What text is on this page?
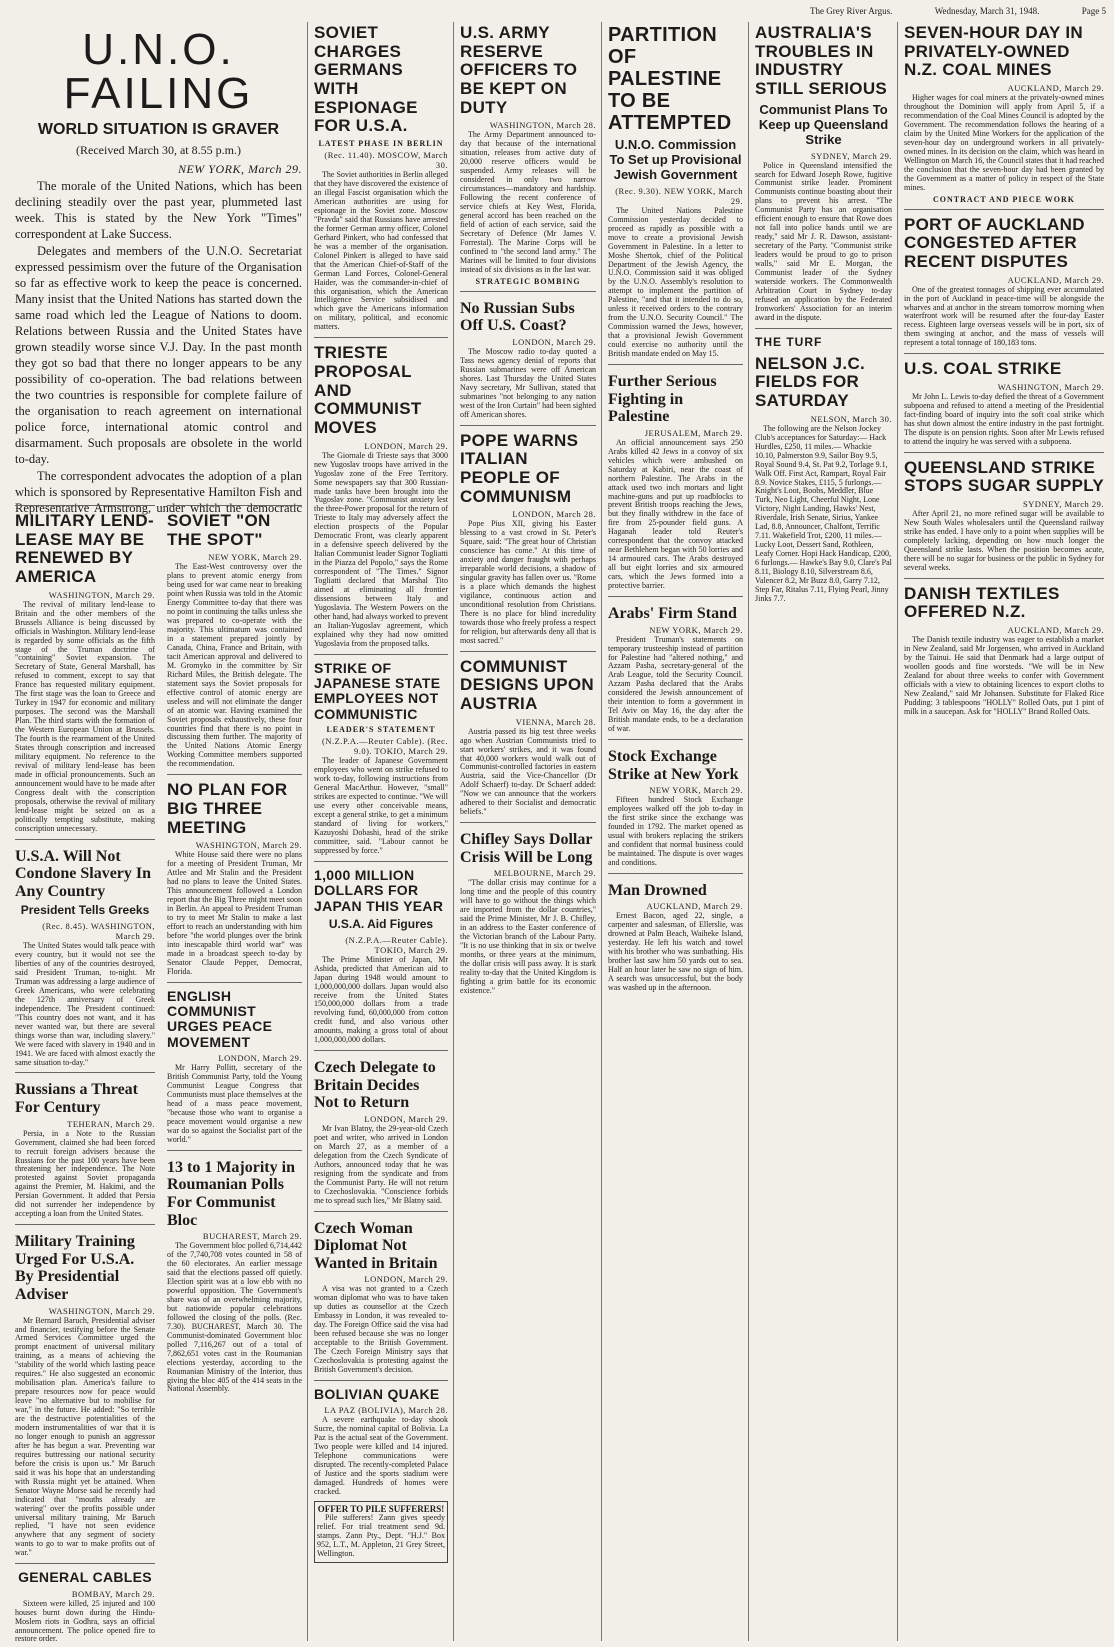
The Grey River Argus.	Wednesday, March 31, 1948.	Page 5
U.N.O. FAILING
WORLD SITUATION IS GRAVER
(Received March 30, at 8.55 p.m.)
NEW YORK, March 29.

The morale of the United Nations, which has been declining steadily over the past year, plummeted last week. This is stated by the New York "Times" correspondent at Lake Success.

Delegates and members of the U.N.O. Secretariat expressed pessimism over the future of the Organisation so far as effective work to keep the peace is concerned. Many insist that the United Nations has started down the same road which led the League of Nations to doom. Relations between Russia and the United States have grown steadily worse since V.J. Day. In the past month they got so bad that there no longer appears to be any possibility of co-operation. The bad relations between the two countries is responsible for complete failure of the organisation to reach agreement on international police force, international atomic control and disarmament. Such proposals are obsolete in the world to-day.

The correspondent advocates the adoption of a plan which is sponsored by Representative Hamilton Fish and Representative Armstrong, under which the democratic

MILITARY LEND-LEASE MAY BE RENEWED BY AMERICA
WASHINGTON, March 29.

The revival of military lend-lease to Britain and the other members of the Brussels Alliance is being discussed by officials in Washington. Military lend-lease is regarded by some officials as the fifth stage of the Truman doctrine of "containing" Soviet expansion. The Secretary of State, General Marshall, has refused to comment, except to say that France has requested military equipment. The first stage was the loan to Greece and Turkey in 1947 for economic and military purposes. The second was the Marshall Plan. The third starts with the formation of the Western European Union at Brussels. The fourth is the rearmament of the United States through conscription and increased military equipment. No reference to the revival of military lend-lease has been made in official pronouncements. Such an announcement would have to be made after Congress dealt with the conscription proposals, otherwise the revival of military lend-lease might be seized on as a politically tempting substitute, making conscription unnecessary.

U.S.A. Will Not Condone Slavery In Any Country
President Tells Greeks
(Rec. 8.45). WASHINGTON, March 29.

The United States would talk peace with every country, but it would not see the liberties of any of the countries destroyed, said President Truman, to-night. Mr Truman was addressing a large audience of Greek Americans, who were celebrating the 127th anniversary of Greek independence. The President continued: "This country does not want, and it has never wanted war, but there are several things worse than war, including slavery." We were faced with slavery in 1940 and in 1941. We are faced with almost exactly the same situation to-day."

Russians a Threat For Century
TEHERAN, March 29.

Persia, in a Note to the Russian Government, claimed she had been forced to recruit foreign advisers because the Russians for the past 100 years have been threatening her independence. The Note protested against Soviet propaganda against the Premier, M. Hakimi, and the Persian Government. It added that Persia did not surrender her independence by accepting a loan from the United States.

Military Training Urged For U.S.A. By Presidential Adviser
WASHINGTON, March 29.

Mr Bernard Baruch, Presidential adviser and financier, testifying before the Senate Armed Services Committee urged the prompt enactment of universal military training, as a means of achieving the "stability of the world which lasting peace requires." He also suggested an economic mobilisation plan. America's failure to prepare resources now for peace would leave "no alternative but to mobilise for war," in the future. He added: "So terrible are the destructive potentialities of the modern instrumentalities of war that it is no longer enough to punish an aggressor after he has begun a war. Preventing war requires buttressing our national security before the crisis is upon us." Mr Baruch said it was his hope that an understanding with Russia might yet be attained. When Senator Wayne Morse said he recently had indicated that "mouths already are watering" over the profits possible under universal military training, Mr Baruch replied, "I have not seen evidence anywhere that any segment of society wants to go to war to make profits out of war."

GENERAL CABLES
BOMBAY, March 29.

Sixteen were killed, 25 injured and 100 houses burnt down during the Hindu-Moslem riots in Godhra, says an official announcement. The police opened fire to restore order.

SOVIET "ON THE SPOT"
NEW YORK, March 29.

The East-West controversy over the plans to prevent atomic energy from being used for war came near to breaking point when Russia was told in the Atomic Energy Committee to-day that there was no point in continuing the talks unless she was prepared to co-operate with the majority. This ultimatum was contained in a statement prepared jointly by Canada, China, France and Britain, with tacit American approval and delivered to M. Gromyko in the committee by Sir Richard Miles, the British delegate. The statement says the Soviet proposals for effective control of atomic energy are useless and will not eliminate the danger of an atomic war. Having examined the Soviet proposals exhaustively, these four countries find that there is no point in discussing them further. The majority of the United Nations Atomic Energy Working Committee members supported the recommendation.

NO PLAN FOR BIG THREE MEETING
WASHINGTON, March 29.

White House said there were no plans for a meeting of President Truman, Mr Attlee and Mr Stalin and the President had no plans to leave the United States. This announcement followed a London report that the Big Three might meet soon in Berlin. An appeal to President Truman to try to meet Mr Stalin to make a last effort to reach an understanding with him before "the world plunges over the brink into inescapable third world war" was made in a broadcast speech to-day by Senator Claude Pepper, Democrat, Florida.

ENGLISH COMMUNIST URGES PEACE MOVEMENT
LONDON, March 29.

Mr Harry Pollitt, secretary of the British Communist Party, told the Young Communist League Congress that Communists must place themselves at the head of a mass peace movement, "because those who want to organise a peace movement would organise a new war do so against the Socialist part of the world."

13 to 1 Majority in Roumanian Polls For Communist Bloc
BUCHAREST, March 29.

The Government bloc polled 6,714,442 of the 7,740,708 votes counted in 58 of the 60 electorates. An earlier message said that the elections passed off quietly. Election spirit was at a low ebb with no powerful opposition. The Government's share was of an overwhelming majority, but nationwide popular celebrations followed the closing of the polls. (Rec. 7.30). BUCHAREST, March 30. The Communist-dominated Government bloc polled 7,116,267 out of a total of 7,862,651 votes cast in the Roumanian elections yesterday, according to the Roumanian Ministry of the Interior, thus giving the bloc 405 of the 414 seats in the National Assembly.

SOVIET CHARGES GERMANS WITH ESPIONAGE FOR U.S.A.
LATEST PHASE IN BERLIN
(Rec. 11.40). MOSCOW, March 30.

The Soviet authorities in Berlin alleged that they have discovered the existence of an illegal Fascist organisation which the American authorities are using for espionage in the Soviet zone. Moscow "Pravda" said that Russians have arrested the former German army officer, Colonel Gerhard Pinkert, who had confessed that he was a member of the organisation. Colonel Pinkert is alleged to have said that the American Chief-of-Staff of the German Land Forces, Colonel-General Haider, was the commander-in-chief of this organisation, which the American Intelligence Service subsidised and which gave the Americans information on military, political, and economic matters.

TRIESTE PROPOSAL AND COMMUNIST MOVES
LONDON, March 29.

The Giornale di Trieste says that 3000 new Yugoslav troops have arrived in the Yugoslav zone of the Free Territory. Some newspapers say that 300 Russian-made tanks have been brought into the Yugoslav zone. "Communist anxiety lest the three-Power proposal for the return of Trieste to Italy may adversely affect the election prospects of the Popular Democratic Front, was clearly apparent in a defensive speech delivered by the Italian Communist leader Signor Togliatti in the Piazza del Popolo," says the Rome correspondent of "The Times." Signor Togliatti declared that Marshal Tito aimed at eliminating all frontier dissensions between Italy and Yugoslavia. The Western Powers on the other hand, had always worked to prevent an Italian-Yugoslav agreement, which explained why they had now omitted Yugoslavia from the proposed talks.

STRIKE OF JAPANESE STATE EMPLOYEES NOT COMMUNISTIC
LEADER'S STATEMENT
(N.Z.P.A.—Reuter Cable). (Rec. 9.0). TOKIO, March 29.

The leader of Japanese Government employees who went on strike refused to work to-day, following instructions from General MacArthur. However, "small" strikes are expected to continue. "We will use every other conceivable means, except a general strike, to get a minimum standard of living for workers," Kazuyoshi Dobashi, head of the strike committee, said. "Labour cannot be suppressed by force."

1,000 MILLION DOLLARS FOR JAPAN THIS YEAR
U.S.A. Aid Figures
(N.Z.P.A.—Reuter Cable). TOKIO, March 29.

The Prime Minister of Japan, Mr Ashida, predicted that American aid to Japan during 1948 would amount to 1,000,000,000 dollars. Japan would also receive from the United States 150,000,000 dollars from a trade revolving fund, 60,000,000 from cotton credit fund, and also various other amounts, making a gross total of about 1,000,000,000 dollars.

Czech Delegate to Britain Decides Not to Return
LONDON, March 29.

Mr Ivan Blatny, the 29-year-old Czech poet and writer, who arrived in London on March 27, as a member of a delegation from the Czech Syndicate of Authors, announced today that he was resigning from the syndicate and from the Communist Party. He will not return to Czechoslovakia. "Conscience forbids me to spread such lies," Mr Blatny said.

Czech Woman Diplomat Not Wanted in Britain
LONDON, March 29.

A visa was not granted to a Czech woman diplomat who was to have taken up duties as counsellor at the Czech Embassy in London, it was revealed to-day. The Foreign Office said the visa had been refused because she was no longer acceptable to the British Government. The Czech Foreign Ministry says that Czechoslovakia is protesting against the British Government's decision.

BOLIVIAN QUAKE
LA PAZ (BOLIVIA), March 28.

A severe earthquake to-day shook Sucre, the nominal capital of Bolivia. La Paz is the actual seat of the Government. Two people were killed and 14 injured. Telephone communications were disrupted. The recently-completed Palace of Justice and the sports stadium were damaged. Hundreds of homes were cracked.

OFFER TO PILE SUFFERERS!

Pile sufferers! Zann gives speedy relief. For trial treatment send 9d. stamps. Zann Pty., Dept. "H.J." Box 952, L.T., M. Appleton, 21 Grey Street, Wellington.

U.S. ARMY RESERVE OFFICERS TO BE KEPT ON DUTY
WASHINGTON, March 28.

The Army Department announced to-day that because of the international situation, releases from active duty of 20,000 reserve officers would be suspended. Army releases will be considered in only two narrow circumstances—mandatory and hardship. Following the recent conference of service chiefs at Key West, Florida, general accord has been reached on the field of action of each service, said the Secretary of Defence (Mr James V. Forrestal). The Marine Corps will be confined to "the second land army." The Marines will be limited to four divisions instead of six divisions as in the last war.

STRATEGIC BOMBING
No Russian Subs Off U.S. Coast?
LONDON, March 29.

The Moscow radio to-day quoted a Tass news agency denial of reports that Russian submarines were off American shores. Last Thursday the United States Navy secretary, Mr Sullivan, stated that submarines "not belonging to any nation west of the Iron Curtain" had been sighted off American shores.

POPE WARNS ITALIAN PEOPLE OF COMMUNISM
LONDON, March 28.

Pope Pius XII, giving his Easter blessing to a vast crowd in St. Peter's Square, said: "The great hour of Christian conscience has come." At this time of anxiety and danger fraught with perhaps irreparable world decisions, a shadow of singular gravity has fallen over us. "Rome is a place which demands the highest vigilance, continuous action and unconditional resolution from Christians. There is no place for blind incredulity towards those who freely profess a respect for religion, but afterwards deny all that is most sacred."

COMMUNIST DESIGNS UPON AUSTRIA
VIENNA, March 28.

Austria passed its big test three weeks ago when Austrian Communists tried to start workers' strikes, and it was found that 40,000 workers would walk out of Communist-controlled factories in eastern Austria, said the Vice-Chancellor (Dr Adolf Schaerf) to-day. Dr Schaerf added: "Now we can announce that the workers adhered to their Socialist and democratic beliefs."

Chifley Says Dollar Crisis Will be Long
MELBOURNE, March 29.

"The dollar crisis may continue for a long time and the people of this country will have to go without the things which are imported from the dollar countries," said the Prime Minister, Mr J. B. Chifley, in an address to the Easter conference of the Victorian branch of the Labour Party. "It is no use thinking that in six or twelve months, or three years at the minimum, the dollar crisis will pass away. It is stark reality to-day that the United Kingdom is fighting a grim battle for its economic existence."

PARTITION OF PALESTINE TO BE ATTEMPTED
U.N.O. Commission To Set up Provisional Jewish Government
(Rec. 9.30). NEW YORK, March 29.

The United Nations Palestine Commission yesterday decided to proceed as rapidly as possible with a move to create a provisional Jewish Government in Palestine. In a letter to Moshe Shertok, chief of the Political Department of the Jewish Agency, the U.N.O. Commission said it was obliged by the U.N.O. Assembly's resolution to attempt to implement the partition of Palestine, "and that it intended to do so, unless it received orders to the contrary from the U.N.O. Security Council." The Commission warned the Jews, however, that a provisional Jewish Government could exercise no authority until the British mandate ended on May 15.

Further Serious Fighting in Palestine
JERUSALEM, March 29.

An official announcement says 250 Arabs killed 42 Jews in a convoy of six vehicles which were ambushed on Saturday at Kabiri, near the coast of northern Palestine. The Arabs in the attack used two inch mortars and light machine-guns and put up roadblocks to prevent British troops reaching the Jews, but they finally withdrew in the face of fire from 25-pounder field guns. A Haganah leader told Reuter's correspondent that the convoy attacked near Bethlehem began with 50 lorries and 14 armoured cars. The Arabs destroyed all but eight lorries and six armoured cars, which the Jews formed into a protective barrier.

Arabs' Firm Stand
NEW YORK, March 29.

President Truman's statements on temporary trusteeship instead of partition for Palestine had "altered nothing," and Azzam Pasha, secretary-general of the Arab League, told the Security Council. Azzam Pasha declared that the Arabs considered the Jewish announcement of their intention to form a government in Tel Aviv on May 16, the day after the British mandate ends, to be a declaration of war.

Stock Exchange Strike at New York
NEW YORK, March 29.

Fifteen hundred Stock Exchange employees walked off the job to-day in the first strike since the exchange was founded in 1792. The market opened as usual with brokers replacing the strikers and confident that normal business could be maintained. The dispute is over wages and conditions.

Man Drowned
AUCKLAND, March 29.

Ernest Bacon, aged 22, single, a carpenter and salesman, of Ellerslie, was drowned at Palm Beach, Waiheke Island, yesterday. He left his watch and towel with his brother who was sunbathing. His brother last saw him 50 yards out to sea. Half an hour later he saw no sign of him. A search was unsuccessful, but the body was washed up in the afternoon.

AUSTRALIA'S TROUBLES IN INDUSTRY STILL SERIOUS
Communist Plans To Keep up Queensland Strike
SYDNEY, March 29.

Police in Queensland intensified the search for Edward Joseph Rowe, fugitive Communist strike leader. Prominent Communists continue boasting about their plans to prevent his arrest. "The Communist Party has an organisation efficient enough to ensure that Rowe does not fall into police hands until we are ready," said Mr J. R. Dawson, assistant-secretary of the Party. "Communist strike leaders would be proud to go to prison walls," said Mr E. Morgan, the Communist leader of the Sydney waterside workers. The Commonwealth Arbitration Court in Sydney to-day refused an application by the Federated Ironworkers' Association for an interim award in the dispute.

THE TURF
NELSON J.C. FIELDS FOR SATURDAY
NELSON, March 30.

The following are the Nelson Jockey Club's acceptances for Saturday:— Hack Hurdles, £250, 11 miles.— Whackie 10.10, Palmerston 9.9, Sailor Boy 9.5, Royal Sound 9.4, St. Pat 9.2, Torlage 9.1, Walk Off. First Act, Rampart, Royal Fair 8.9. Novice Stakes, £115, 5 furlongs.— Knight's Loot, Boobs, Meddler, Blue Turk, Neo Light, Cheerful Night, Lone Victory, Night Landing, Hawks' Nest, Riverdale, Irish Senate, Sirius, Yankee Lad, 8.8, Announcer, Chalfont, Terrific 7.11. Wakefield Trot, £200, 11 miles.— Lucky Loot, Dessert Sand, Rothleen, Leafy Corner. Hopi Hack Handicap, £200, 6 furlongs.— Hawke's Bay 9.0, Clare's Pal 8.11, Biology 8.10, Silverstream 8.6, Valencer 8.2, Mr Buzz 8.0, Garry 7.12, Step Far, Ritalus 7.11, Flying Pearl, Jinny Jinks 7.7.

SEVEN-HOUR DAY IN PRIVATELY-OWNED N.Z. COAL MINES
AUCKLAND, March 29.

Higher wages for coal miners at the privately-owned mines throughout the Dominion will apply from April 5, if a recommendation of the Coal Mines Council is adopted by the Government. The recommendation follows the hearing of a claim by the United Mine Workers for the application of the seven-hour day on underground workers in all privately-owned mines. In its decision on the claim, which was heard in Wellington on March 16, the Council states that it had reached the conclusion that the seven-hour day had been granted by the Government as a matter of policy in respect of the State mines.

CONTRACT AND PIECE WORK
PORT OF AUCKLAND CONGESTED AFTER RECENT DISPUTES
AUCKLAND, March 29.

One of the greatest tonnages of shipping ever accumulated in the port of Auckland in peace-time will be alongside the wharves and at anchor in the stream tomorrow morning when waterfront work will be resumed after the four-day Easter recess. Eighteen large overseas vessels will be in port, six of them swinging at anchor, and the mass of vessels will represent a total tonnage of 180,183 tons.

U.S. COAL STRIKE
WASHINGTON, March 29.

Mr John L. Lewis to-day defied the threat of a Government subpoena and refused to attend a meeting of the Presidential fact-finding board of inquiry into the soft coal strike which has shut down almost the entire industry in the past fortnight. The dispute is on pension rights. Soon after Mr Lewis refused to attend the inquiry he was served with a subpoena.

QUEENSLAND STRIKE STOPS SUGAR SUPPLY
SYDNEY, March 29.

After April 21, no more refined sugar will be available to New South Wales wholesalers until the Queensland railway strike has ended. I have only to a point when supplies will be completely lacking, depending on how much longer the Queensland strike lasts. When the position becomes acute, there will be no sugar for business or the public in Sydney for several weeks.

DANISH TEXTILES OFFERED N.Z.
AUCKLAND, March 29.

The Danish textile industry was eager to establish a market in New Zealand, said Mr Jorgensen, who arrived in Auckland by the Tainui. He said that Denmark had a large output of woollen goods and fine worsteds. "We will be in New Zealand for about three weeks to confer with Government officials with a view to obtaining licences to export cloths to New Zealand," said Mr Johansen. Substitute for Flaked Rice Pudding: 3 tablespoons "HOLLY" Rolled Oats, put 1 pint of milk in a saucepan. Ask for "HOLLY" Brand Rolled Oats.
